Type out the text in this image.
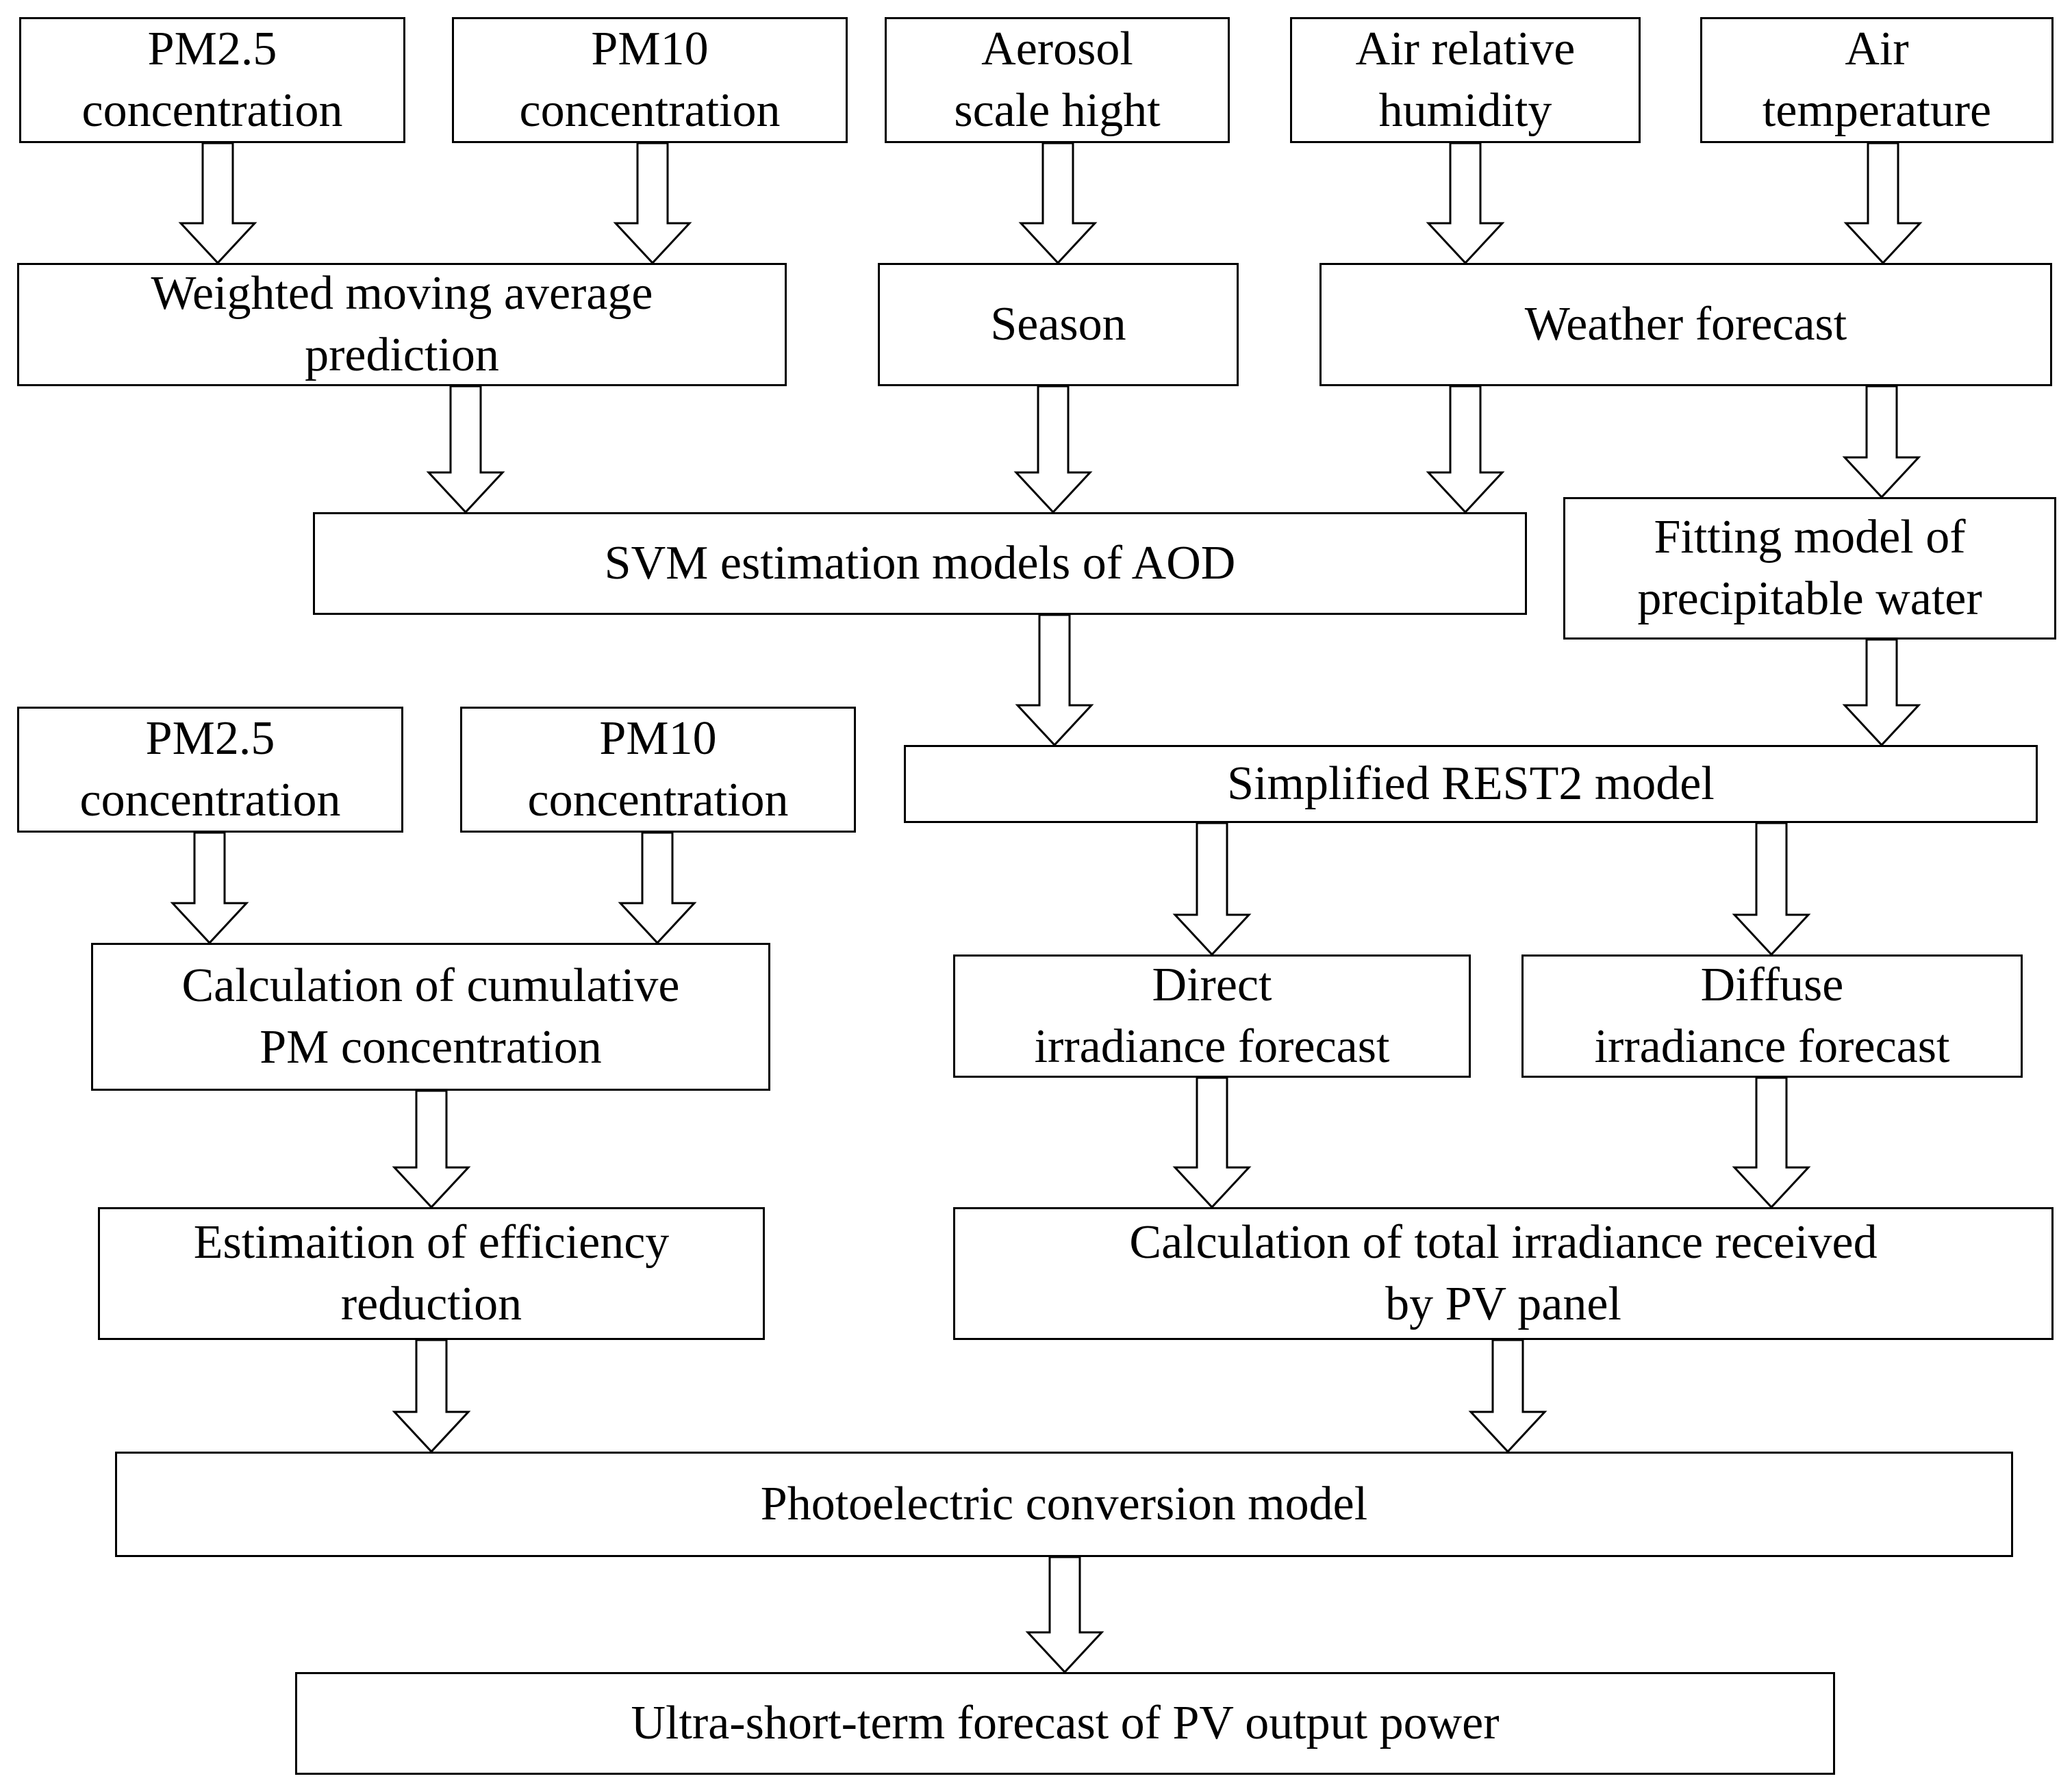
PM2.5
concentration
PM10
concentration
Aerosol
scale hight
Air relative
humidity
Air
temperature
Weighted moving average
prediction
Season	Weather forecast
SVM estimation models of AOD	Fitting model of
precipitable water
PM2.5
concentration
PM10
concentration	Simplified REST2 model
Calculation of cumulative
PM concentration
Direct
irradiance forecast
Diffuse
irradiance forecast
Estimaition of efficiency
reduction
Calculation of total irradiance received
by PV panel
Photoelectric conversion model
Ultra-short-term forecast of PV output power
